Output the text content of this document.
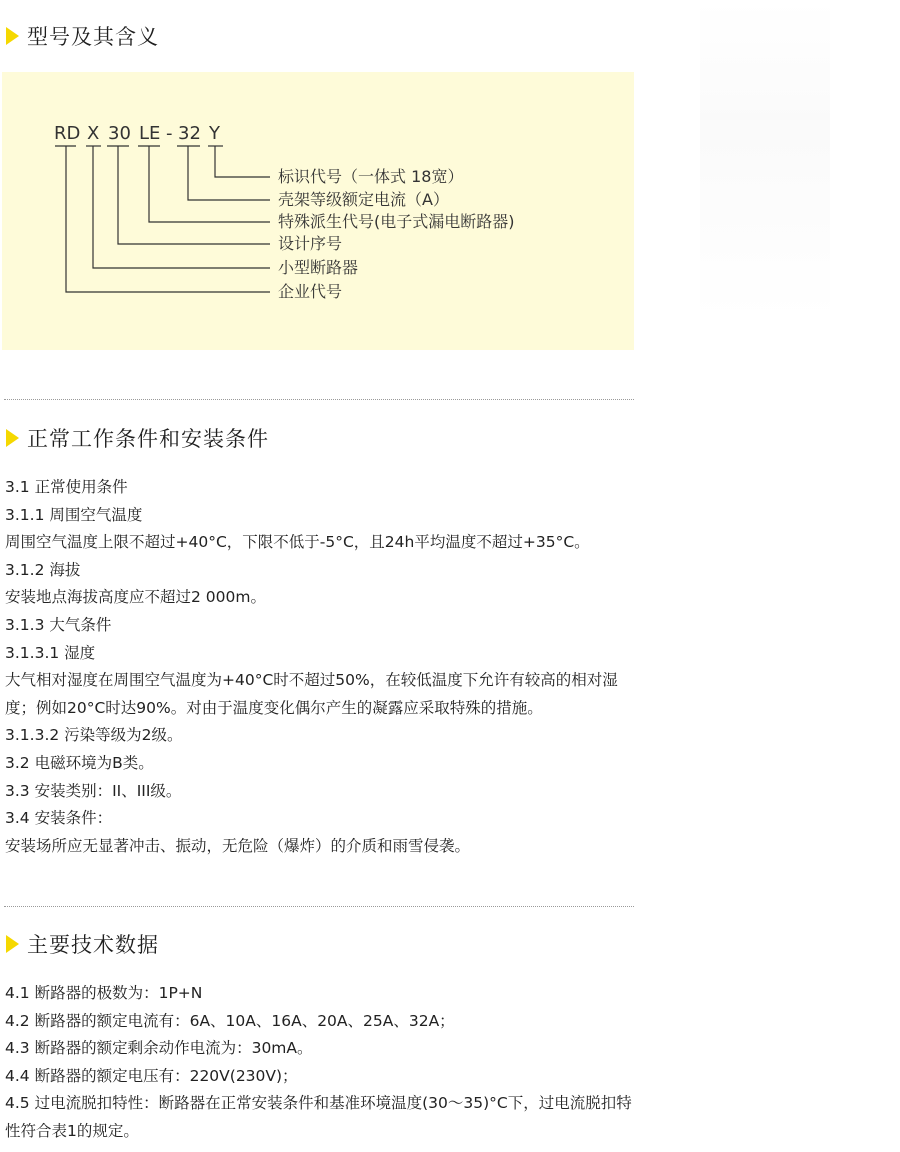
型号及其含义
RD X 30 LE - 32 Y
标识代号（一体式 18宽）
壳架等级额定电流（A）
特殊派生代号(电子式漏电断路器)
设计序号
小型断路器
企业代号
正常工作条件和安装条件
3.1 正常使用条件
3.1.1 周围空气温度
周围空气温度上限不超过+40°C，下限不低于-5°C，且24h平均温度不超过+35°C。
3.1.2 海拔
安装地点海拔高度应不超过2 000m。
3.1.3 大气条件
3.1.3.1 湿度
大气相对湿度在周围空气温度为+40°C时不超过50%，在较低温度下允许有较高的相对湿度；例如20°C时达90%。对由于温度变化偶尔产生的凝露应采取特殊的措施。
3.1.3.2 污染等级为2级。
3.2 电磁环境为B类。
3.3 安装类别：II、III级。
3.4 安装条件：
安装场所应无显著冲击、振动，无危险（爆炸）的介质和雨雪侵袭。
主要技术数据
4.1 断路器的极数为：1P+N
4.2 断路器的额定电流有：6A、10A、16A、20A、25A、32A；
4.3 断路器的额定剩余动作电流为：30mA。
4.4 断路器的额定电压有：220V(230V)；
4.5 过电流脱扣特性：断路器在正常安装条件和基准环境温度(30～35)°C下，过电流脱扣特性符合表1的规定。
